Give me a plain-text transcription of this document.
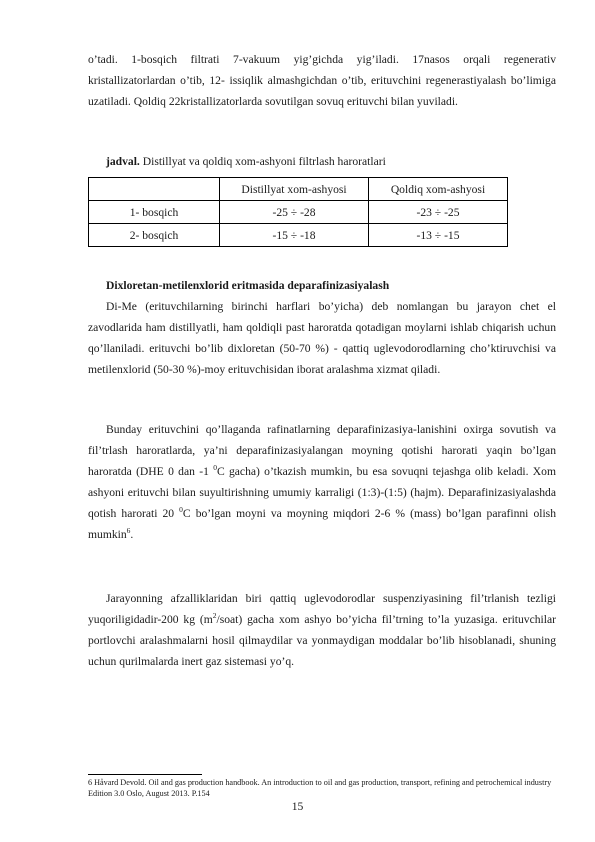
o’tadi. 1-bosqich filtrati 7-vakuum yig’gichda yig’iladi. 17nasos orqali regenerativ kristallizatorlardan o’tib, 12- issiqlik almashgichdan o’tib, erituvchini regenerastiyalash bo’limiga uzatiladi. Qoldiq 22kristallizatorlarda sovutilgan sovuq erituvchi bilan yuviladi.

jadval. Distillyat va qoldiq xom-ashyoni filtrlash haroratlari

	Distillyat xom-ashyosi	Qoldiq xom-ashyosi
1- bosqich	-25 ÷ -28	-23 ÷ -25
2- bosqich	-15 ÷ -18	-13 ÷ -15

Dixloretan-metilenxlorid eritmasida deparafinizasiyalash

Di-Me (erituvchilarning birinchi harflari bo’yicha) deb nomlangan bu jarayon chet el zavodlarida ham distillyatli, ham qoldiqli past haroratda qotadigan moylarni ishlab chiqarish uchun qo’llaniladi. erituvchi bo’lib dixloretan (50-70 %) - qattiq uglevodorodlarning cho’ktiruvchisi va metilenxlorid (50-30 %)-moy erituvchisidan iborat aralashma xizmat qiladi.

Bunday erituvchini qo’llaganda rafinatlarning deparafinizasiya-lanishini oxirga sovutish va fil’trlash haroratlarda, ya’ni deparafinizasiyalangan moyning qotishi harorati yaqin bo’lgan haroratda (DHE 0 dan -1 $^0$C gacha) o’tkazish mumkin, bu esa sovuqni tejashga olib keladi. Xom ashyoni erituvchi bilan suyultirishning umumiy karraligi (1:3)-(1:5) (hajm). Deparafinizasiyalashda qotish harorati 20 $^0$C bo’lgan moyni va moyning miqdori 2-6 % (mass) bo’lgan parafinni olish mumkin$^6$.

Jarayonning afzalliklaridan biri qattiq uglevodorodlar suspenziyasining fil’trlanish tezligi yuqoriligidadir-200 kg $(m^2/soat)$ gacha xom ashyo bo’yicha fil’trning to’la yuzasiga. erituvchilar portlovchi aralashmalarni hosil qilmaydilar va yonmaydigan moddalar bo’lib hisoblanadi, shuning uchun qurilmalarda inert gaz sistemasi yo’q.

6 Håvard Devold. Oil and gas production handbook. An introduction to oil and gas production, transport, refining and petrochemical industry Edition 3.0 Oslo, August 2013. P.154

15
